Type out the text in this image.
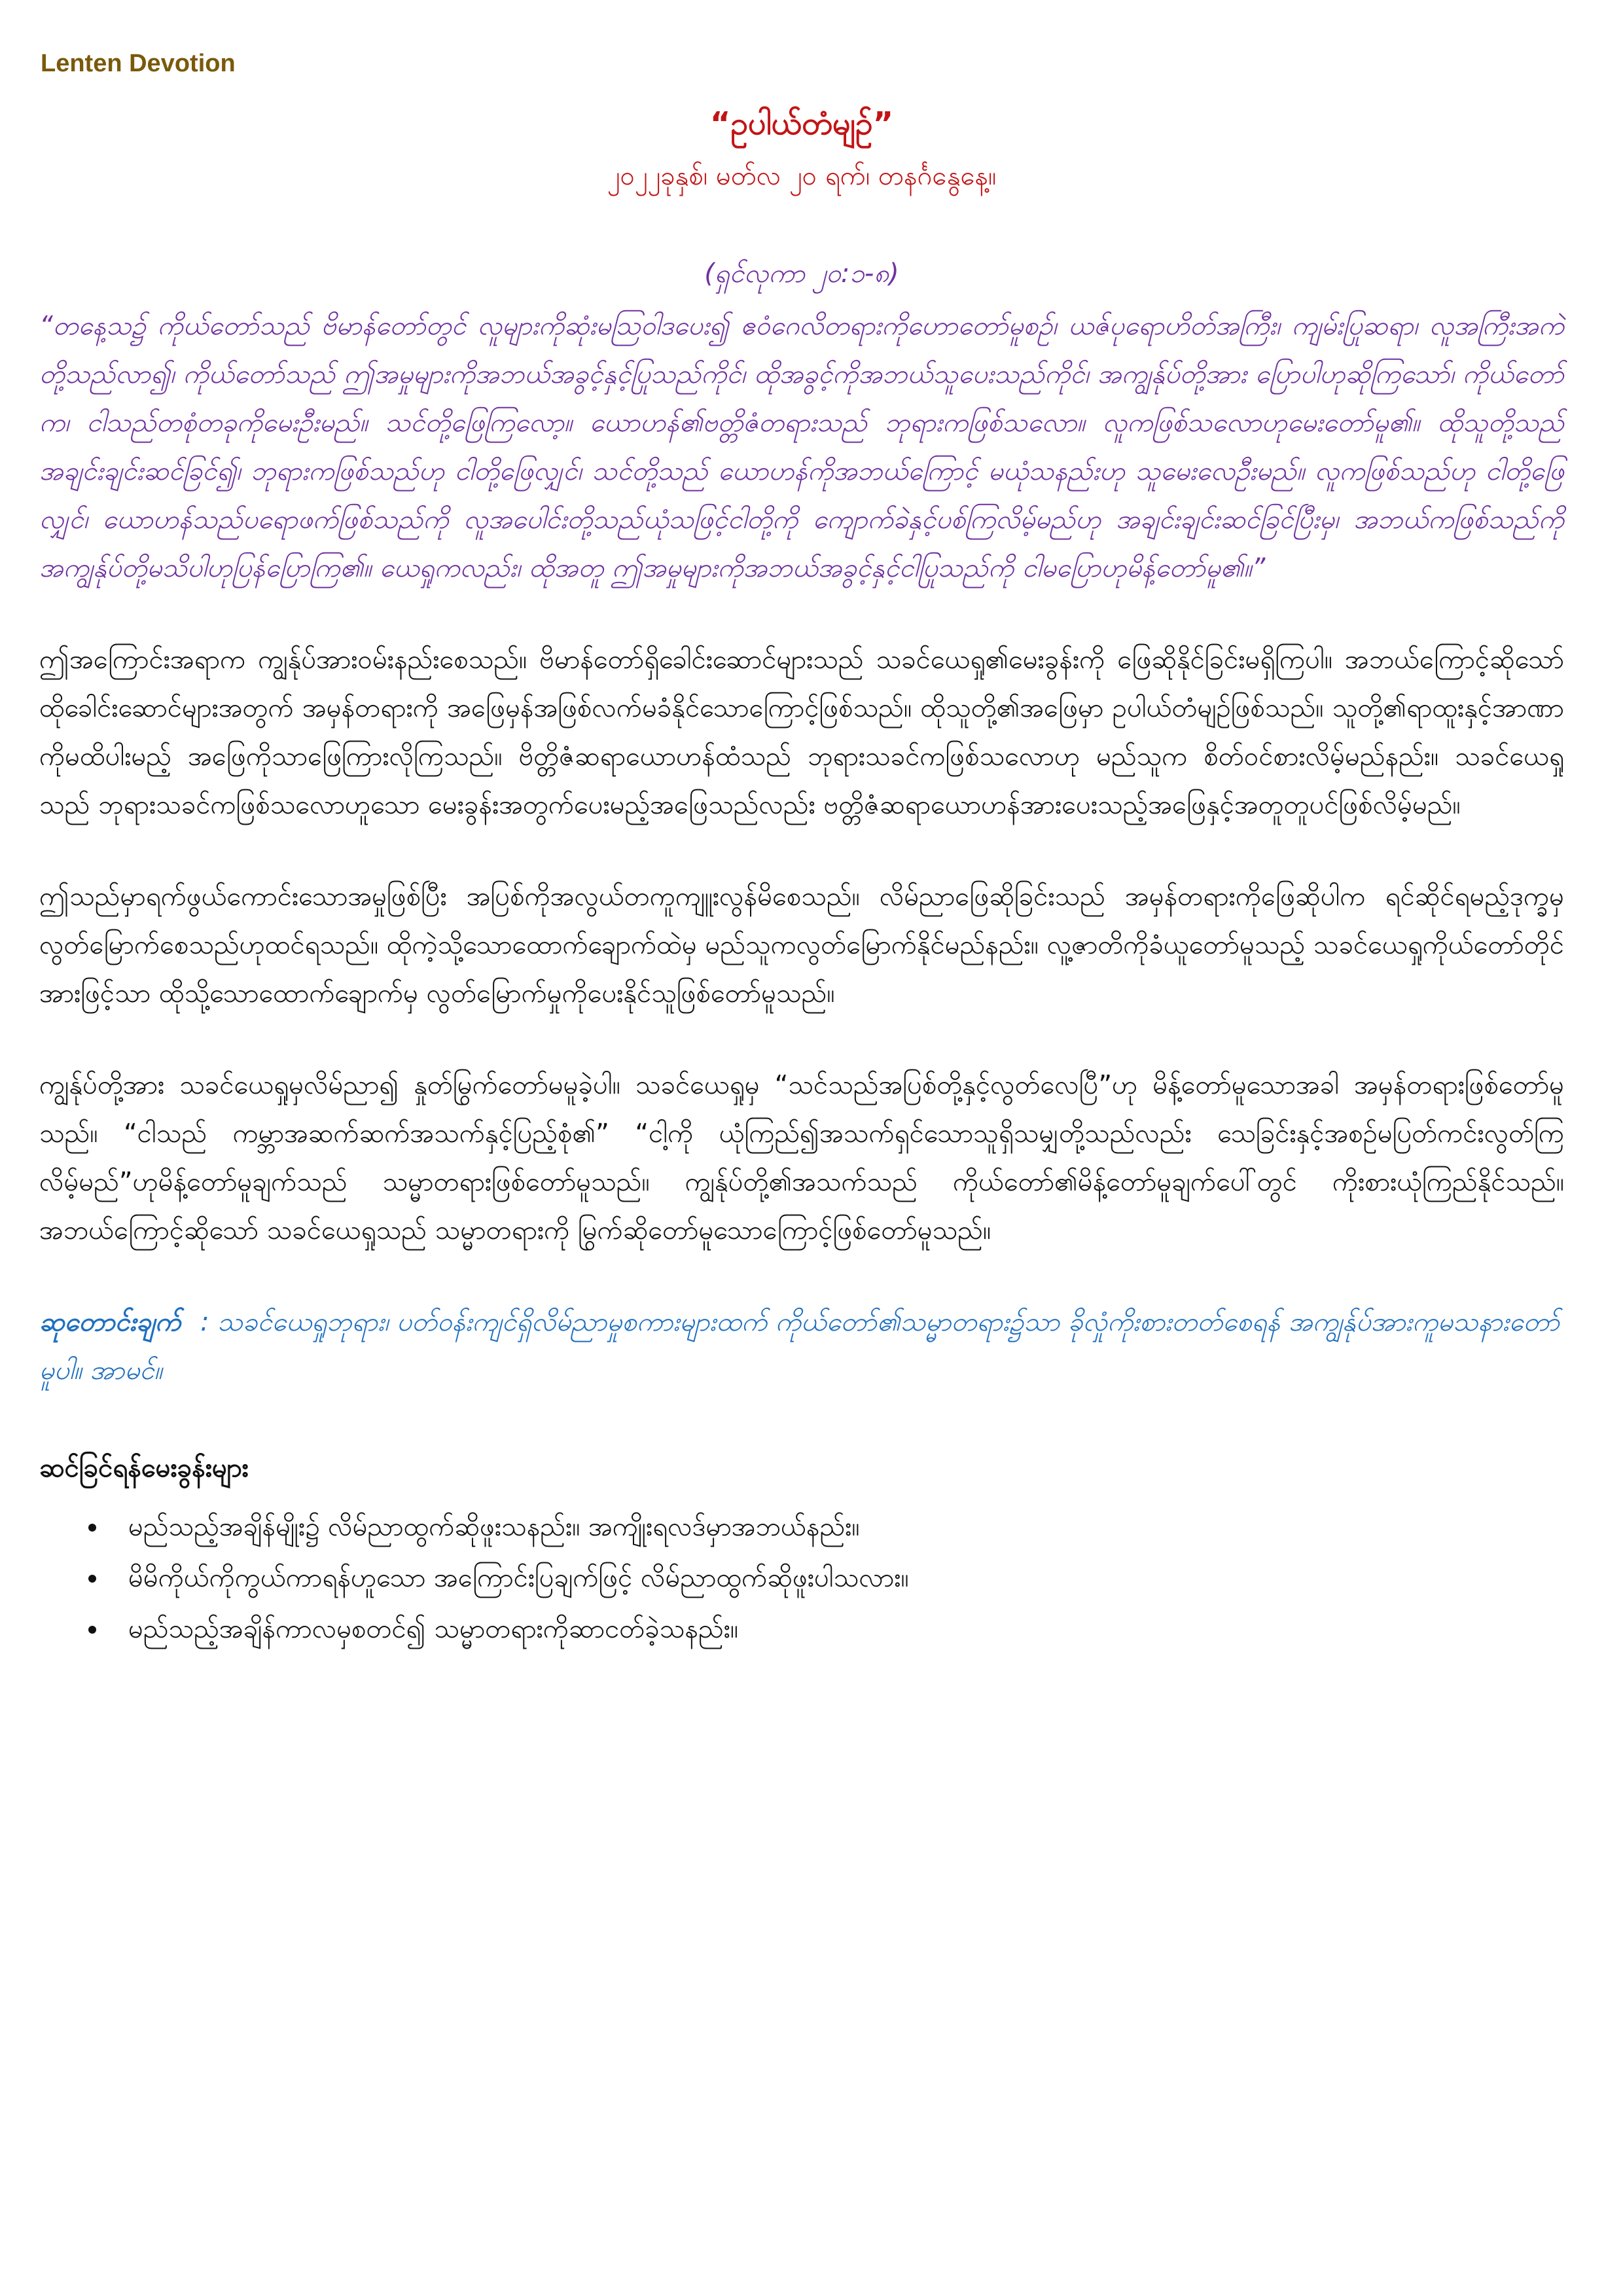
Lenten Devotion
“ဥပါယ်တံမျဉ်”
၂၀၂၂ခုနှစ်၊ မတ်လ ၂၀ ရက်၊ တနင်္ဂနွေနေ့။
(ရှင်လုကာ ၂၀:၁-၈)
“တနေ့သ၌ ကိုယ်တော်သည် ဗိမာန်တော်တွင် လူများကိုဆုံးမသြဝါဒပေး၍ ဧဝံဂေလိတရားကိုဟောတော်မူစဉ်၊ ယဇ်ပုရောဟိတ်အကြီး၊ ကျမ်းပြုဆရာ၊ လူအကြီးအကဲတို့သည်လာ၍၊ ကိုယ်တော်သည် ဤအမှုများကိုအဘယ်အခွင့်နှင့်ပြုသည်ကိုင်၊ ထိုအခွင့်ကိုအဘယ်သူပေးသည်ကိုင်၊ အကျွန်ုပ်တို့အား ပြောပါဟုဆိုကြသော်၊ ကိုယ်တော်က၊ ငါသည်တစုံတခုကိုမေးဦးမည်။ သင်တို့ဖြေကြလော့။ ယောဟန်၏ဗတ္တိဇံတရားသည် ဘုရားကဖြစ်သလော။ လူကဖြစ်သလောဟုမေးတော်မူ၏။ ထိုသူတို့သည် အချင်းချင်းဆင်ခြင်၍၊ ဘုရားကဖြစ်သည်ဟု ငါတို့ဖြေလျှင်၊ သင်တို့သည် ယောဟန်ကိုအဘယ်ကြောင့် မယုံသနည်းဟု သူမေးလေဦးမည်။ လူကဖြစ်သည်ဟု ငါတို့ဖြေလျှင်၊ ယောဟန်သည်ပရောဖက်ဖြစ်သည်ကို လူအပေါင်းတို့သည်ယုံသဖြင့်ငါတို့ကို ကျောက်ခဲနှင့်ပစ်ကြလိမ့်မည်ဟု အချင်းချင်းဆင်ခြင်ပြီးမှ၊ အဘယ်ကဖြစ်သည်ကို အကျွန်ုပ်တို့မသိပါဟုပြန်ပြောကြ၏။ ယေရှုကလည်း၊ ထိုအတူ ဤအမှုများကိုအဘယ်အခွင့်နှင့်ငါပြုသည်ကို ငါမပြောဟုမိန့်တော်မူ၏။”
ဤအကြောင်းအရာက ကျွန်ုပ်အားဝမ်းနည်းစေသည်။ ဗိမာန်တော်ရှိခေါင်းဆောင်များသည် သခင်ယေရှု၏မေးခွန်းကို ဖြေဆိုနိုင်ခြင်းမရှိကြပါ။ အဘယ်ကြောင့်ဆိုသော် ထိုခေါင်းဆောင်များအတွက် အမှန်တရားကို အဖြေမှန်အဖြစ်လက်မခံနိုင်သောကြောင့်ဖြစ်သည်။ ထိုသူတို့၏အဖြေမှာ ဥပါယ်တံမျဉ်ဖြစ်သည်။ သူတို့၏ရာထူးနှင့်အာဏာကိုမထိပါးမည့် အဖြေကိုသာဖြေကြားလိုကြသည်။ ဗိတ္တိဇံဆရာယောဟန်ထံသည် ဘုရားသခင်ကဖြစ်သလောဟု မည်သူက စိတ်ဝင်စားလိမ့်မည်နည်း။ သခင်ယေရှုသည် ဘုရားသခင်ကဖြစ်သလောဟူသော မေးခွန်းအတွက်ပေးမည့်အဖြေသည်လည်း ဗတ္တိဇံဆရာယောဟန်အားပေးသည့်အဖြေနှင့်အတူတူပင်ဖြစ်လိမ့်မည်။
ဤသည်မှာရက်ဖွယ်ကောင်းသောအမှုဖြစ်ပြီး အပြစ်ကိုအလွယ်တကူကျူးလွန်မိစေသည်။ လိမ်ညာဖြေဆိုခြင်းသည် အမှန်တရားကိုဖြေဆိုပါက ရင်ဆိုင်ရမည့်ဒုက္ခမှ လွတ်မြောက်စေသည်ဟုထင်ရသည်။ ထိုကဲ့သို့သောထောက်ချောက်ထဲမှ မည်သူကလွတ်မြောက်နိုင်မည်နည်း။ လူ့ဇာတိကိုခံယူတော်မူသည့် သခင်ယေရှုကိုယ်တော်တိုင်အားဖြင့်သာ ထိုသို့သောထောက်ချောက်မှ လွတ်မြောက်မှုကိုပေးနိုင်သူဖြစ်တော်မူသည်။
ကျွန်ုပ်တို့အား သခင်ယေရှုမှလိမ်ညာ၍ နှုတ်မြွက်တော်မမူခဲ့ပါ။ သခင်ယေရှုမှ “သင်သည်အပြစ်တို့နှင့်လွတ်လေပြီ”ဟု မိန့်တော်မူသောအခါ အမှန်တရားဖြစ်တော်မူသည်။ “ငါသည် ကမ္ဘာအဆက်ဆက်အသက်နှင့်ပြည့်စုံ၏” “ငါ့ကို ယုံကြည်၍အသက်ရှင်သောသူရှိသမျှတို့သည်လည်း သေခြင်းနှင့်အစဉ်မပြတ်ကင်းလွတ်ကြလိမ့်မည်”ဟုမိန့်တော်မူချက်သည် သမ္မာတရားဖြစ်တော်မူသည်။ ကျွန်ုပ်တို့၏အသက်သည် ကိုယ်တော်၏မိန့်တော်မူချက်ပေါ်တွင် ကိုးစားယုံကြည်နိုင်သည်။ အဘယ်ကြောင့်ဆိုသော် သခင်ယေရှုသည် သမ္မာတရားကို မြွက်ဆိုတော်မူသောကြောင့်ဖြစ်တော်မူသည်။
ဆုတောင်းချက် : သခင်ယေရှုဘုရား၊ ပတ်ဝန်းကျင်ရှိလိမ်ညာမှုစကားများထက် ကိုယ်တော်၏သမ္မာတရား၌သာ ခိုလှုံကိုးစားတတ်စေရန် အကျွန်ုပ်အားကူမသနားတော်မူပါ။ အာမင်။
ဆင်ခြင်ရန်မေးခွန်းများ
• မည်သည့်အချိန်မျိုး၌ လိမ်ညာထွက်ဆိုဖူးသနည်း။ အကျိုးရလဒ်မှာအဘယ်နည်း။
• မိမိကိုယ်ကိုကွယ်ကာရန်ဟူသော အကြောင်းပြချက်ဖြင့် လိမ်ညာထွက်ဆိုဖူးပါသလား။
• မည်သည့်အချိန်ကာလမှစတင်၍ သမ္မာတရားကိုဆာငတ်ခဲ့သနည်း။
